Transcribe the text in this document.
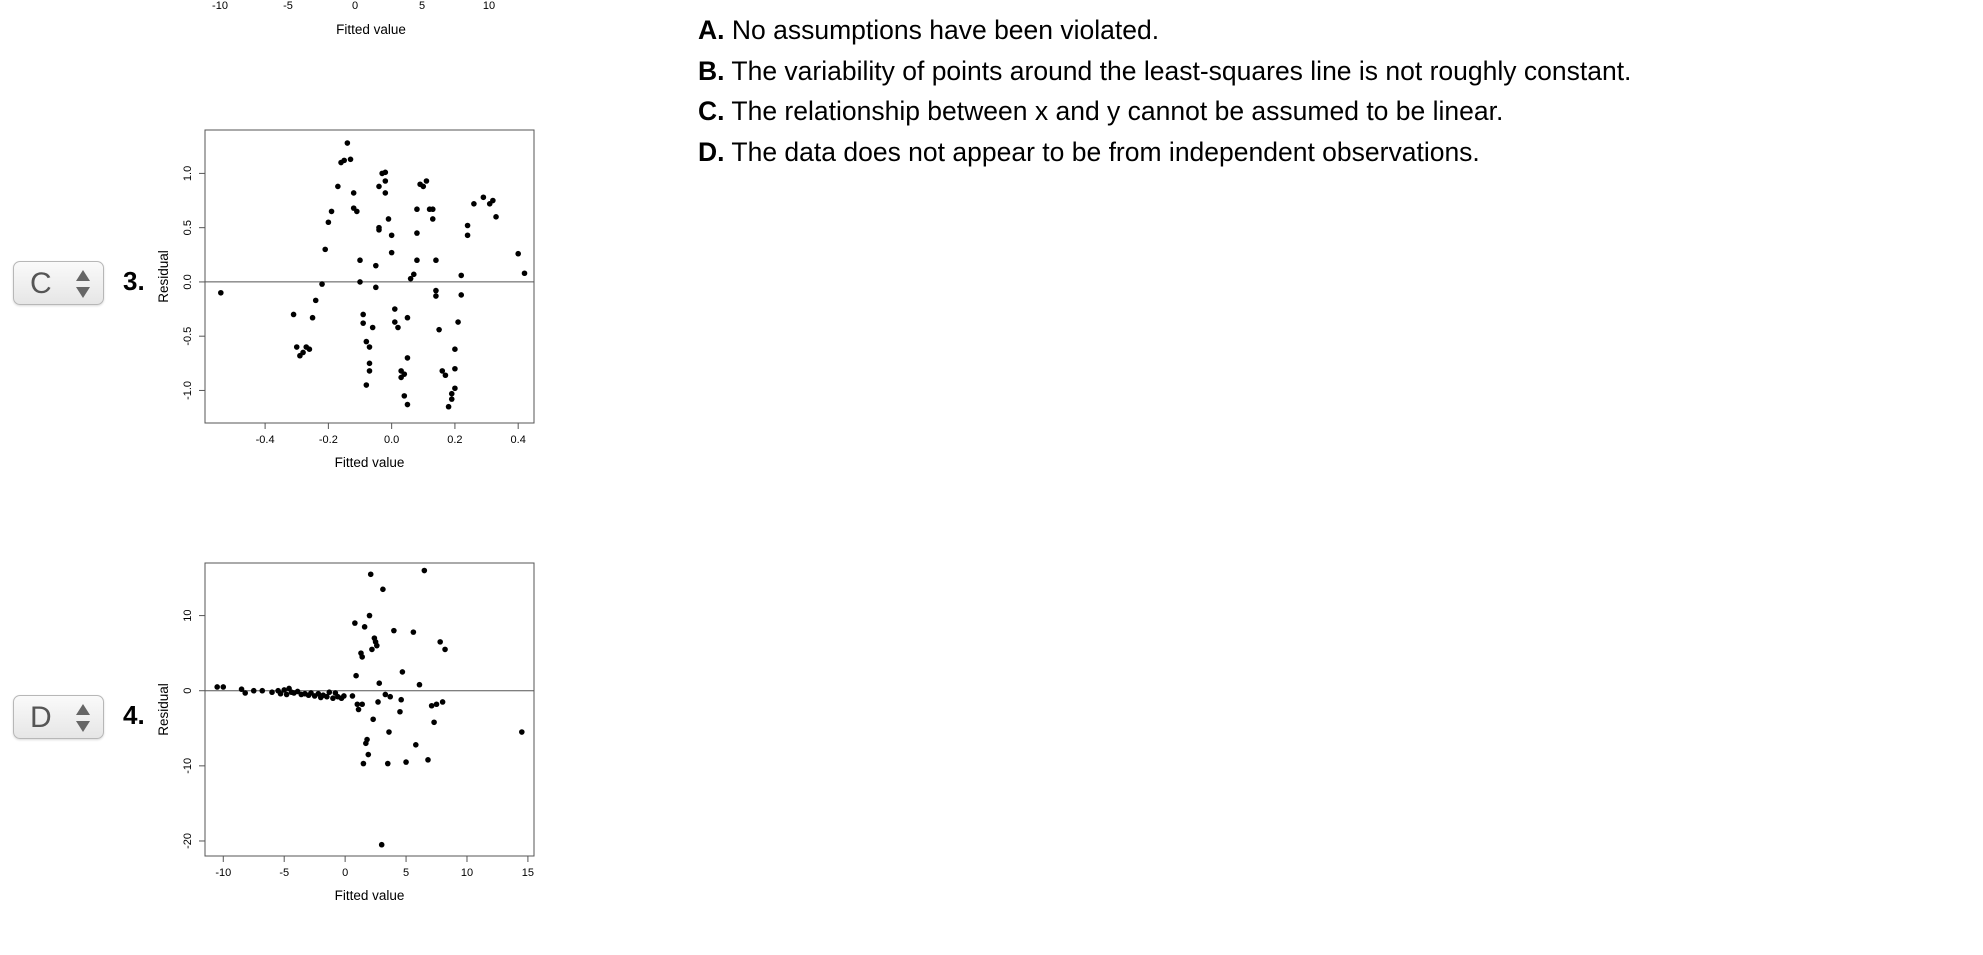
-10	-5	0	5	10
Fitted value
C	3.
-0.4	-0.2	0.0	0.2	0.4
-1.0
-0.5
0.0
0.5
1.0
Fitted value
Residual
D	4.
-10	-5	0	5	10	15
-20
-10
0
10
Fitted value
Residual
A. No assumptions have been violated.
B. The variability of points around the least-squares line is not roughly constant.
C. The relationship between x and y cannot be assumed to be linear.
D. The data does not appear to be from independent observations.
